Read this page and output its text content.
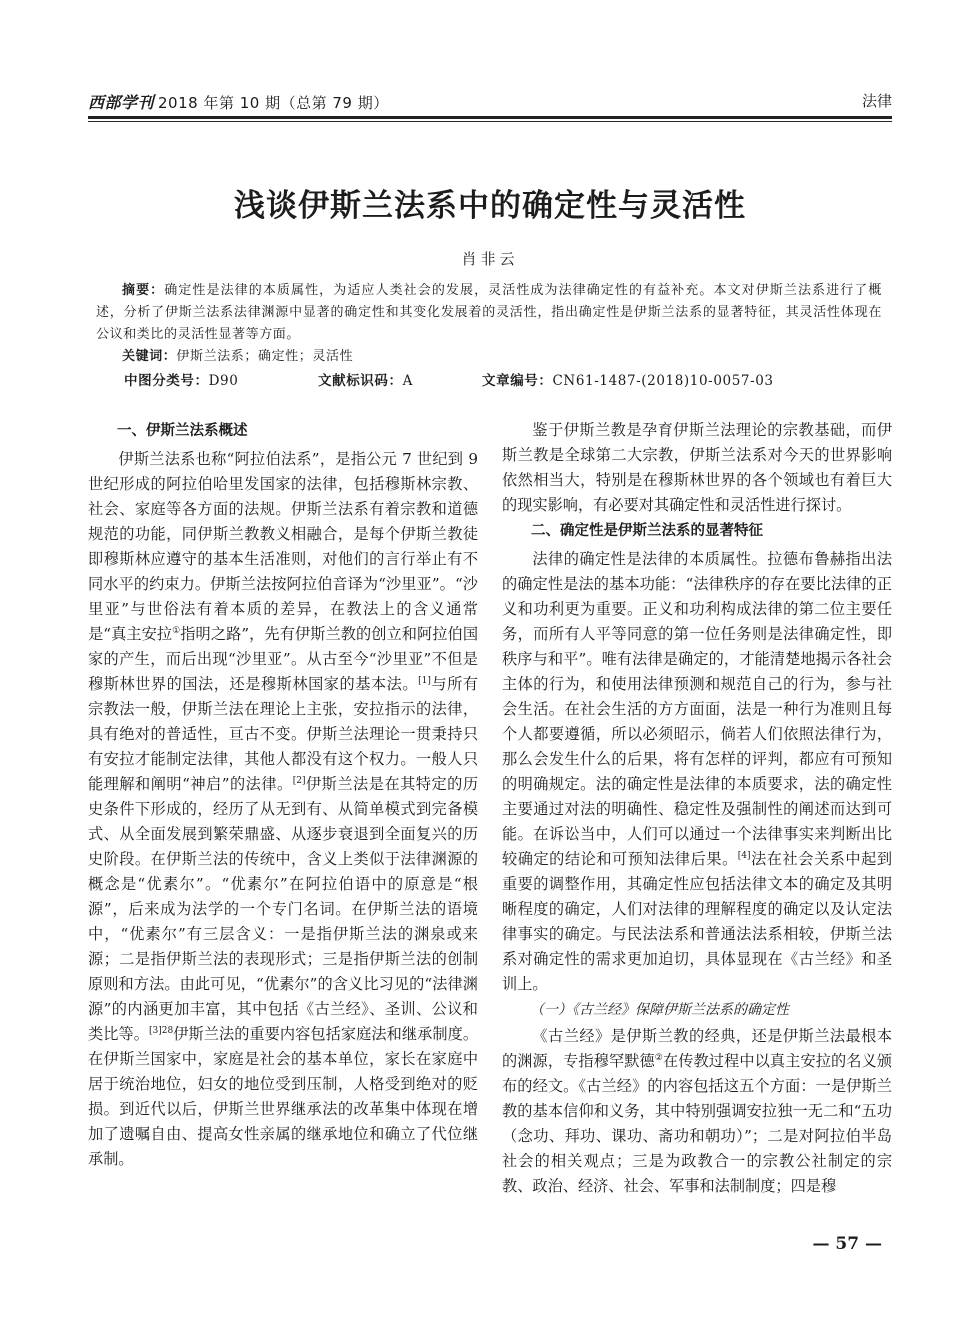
西部学刊 2018 年第 10 期（总第 79 期）	法律
浅谈伊斯兰法系中的确定性与灵活性
肖非云

摘要：确定性是法律的本质属性，为适应人类社会的发展，灵活性成为法律确定性的有益补充。本文对伊斯兰法系进行了概述，分析了伊斯兰法系法律渊源中显著的确定性和其变化发展着的灵活性，指出确定性是伊斯兰法系的显著特征，其灵活性体现在公议和类比的灵活性显著等方面。

关键词：伊斯兰法系；确定性；灵活性

中图分类号：D90	文献标识码：A	文章编号：CN61-1487-(2018)10-0057-03
一、伊斯兰法系概述

伊斯兰法系也称“阿拉伯法系”，是指公元 7 世纪到 9 世纪形成的阿拉伯哈里发国家的法律，包括穆斯林宗教、社会、家庭等各方面的法规。伊斯兰法系有着宗教和道德规范的功能，同伊斯兰教教义相融合，是每个伊斯兰教徒即穆斯林应遵守的基本生活准则，对他们的言行举止有不同水平的约束力。伊斯兰法按阿拉伯音译为“沙里亚”。“沙里亚”与世俗法有着本质的差异，在教法上的含义通常是“真主安拉①指明之路”，先有伊斯兰教的创立和阿拉伯国家的产生，而后出现“沙里亚”。从古至今“沙里亚”不但是穆斯林世界的国法，还是穆斯林国家的基本法。[1]与所有宗教法一般，伊斯兰法在理论上主张，安拉指示的法律，具有绝对的普适性，亘古不变。伊斯兰法理论一贯秉持只有安拉才能制定法律，其他人都没有这个权力。一般人只能理解和阐明“神启”的法律。[2]伊斯兰法是在其特定的历史条件下形成的，经历了从无到有、从简单模式到完备模式、从全面发展到繁荣鼎盛、从逐步衰退到全面复兴的历史阶段。在伊斯兰法的传统中，含义上类似于法律渊源的概念是“优素尔”。“优素尔”在阿拉伯语中的原意是“根源”，后来成为法学的一个专门名词。在伊斯兰法的语境中，“优素尔”有三层含义：一是指伊斯兰法的渊泉或来源；二是指伊斯兰法的表现形式；三是指伊斯兰法的创制原则和方法。由此可见，“优素尔”的含义比习见的“法律渊源”的内涵更加丰富，其中包括《古兰经》、圣训、公议和类比等。$^{[3]28}$伊斯兰法的重要内容包括家庭法和继承制度。在伊斯兰国家中，家庭是社会的基本单位，家长在家庭中居于统治地位，妇女的地位受到压制，人格受到绝对的贬损。到近代以后，伊斯兰世界继承法的改革集中体现在增加了遗嘱自由、提高女性亲属的继承地位和确立了代位继承制。

鉴于伊斯兰教是孕育伊斯兰法理论的宗教基础，而伊斯兰教是全球第二大宗教，伊斯兰法系对今天的世界影响依然相当大，特别是在穆斯林世界的各个领域也有着巨大的现实影响，有必要对其确定性和灵活性进行探讨。

二、确定性是伊斯兰法系的显著特征

法律的确定性是法律的本质属性。拉德布鲁赫指出法的确定性是法的基本功能：“法律秩序的存在要比法律的正义和功利更为重要。正义和功利构成法律的第二位主要任务，而所有人平等同意的第一位任务则是法律确定性，即秩序与和平”。唯有法律是确定的，才能清楚地揭示各社会主体的行为，和使用法律预测和规范自己的行为，参与社会生活。在社会生活的方方面面，法是一种行为准则且每个人都要遵循，所以必须昭示，倘若人们依照法律行为，那么会发生什么的后果，将有怎样的评判，都应有可预知的明确规定。法的确定性是法律的本质要求，法的确定性主要通过对法的明确性、稳定性及强制性的阐述而达到可能。在诉讼当中，人们可以通过一个法律事实来判断出比较确定的结论和可预知法律后果。[4]法在社会关系中起到重要的调整作用，其确定性应包括法律文本的确定及其明晰程度的确定，人们对法律的理解程度的确定以及认定法律事实的确定。与民法法系和普通法法系相较，伊斯兰法系对确定性的需求更加迫切，具体显现在《古兰经》和圣训上。

（一）《古兰经》保障伊斯兰法系的确定性

《古兰经》是伊斯兰教的经典，还是伊斯兰法最根本的渊源，专指穆罕默德②在传教过程中以真主安拉的名义颁布的经文。《古兰经》的内容包括这五个方面：一是伊斯兰教的基本信仰和义务，其中特别强调安拉独一无二和“五功（念功、拜功、课功、斋功和朝功）”；二是对阿拉伯半岛社会的相关观点；三是为政教合一的宗教公社制定的宗教、政治、经济、社会、军事和法制制度；四是穆

— 57 —
